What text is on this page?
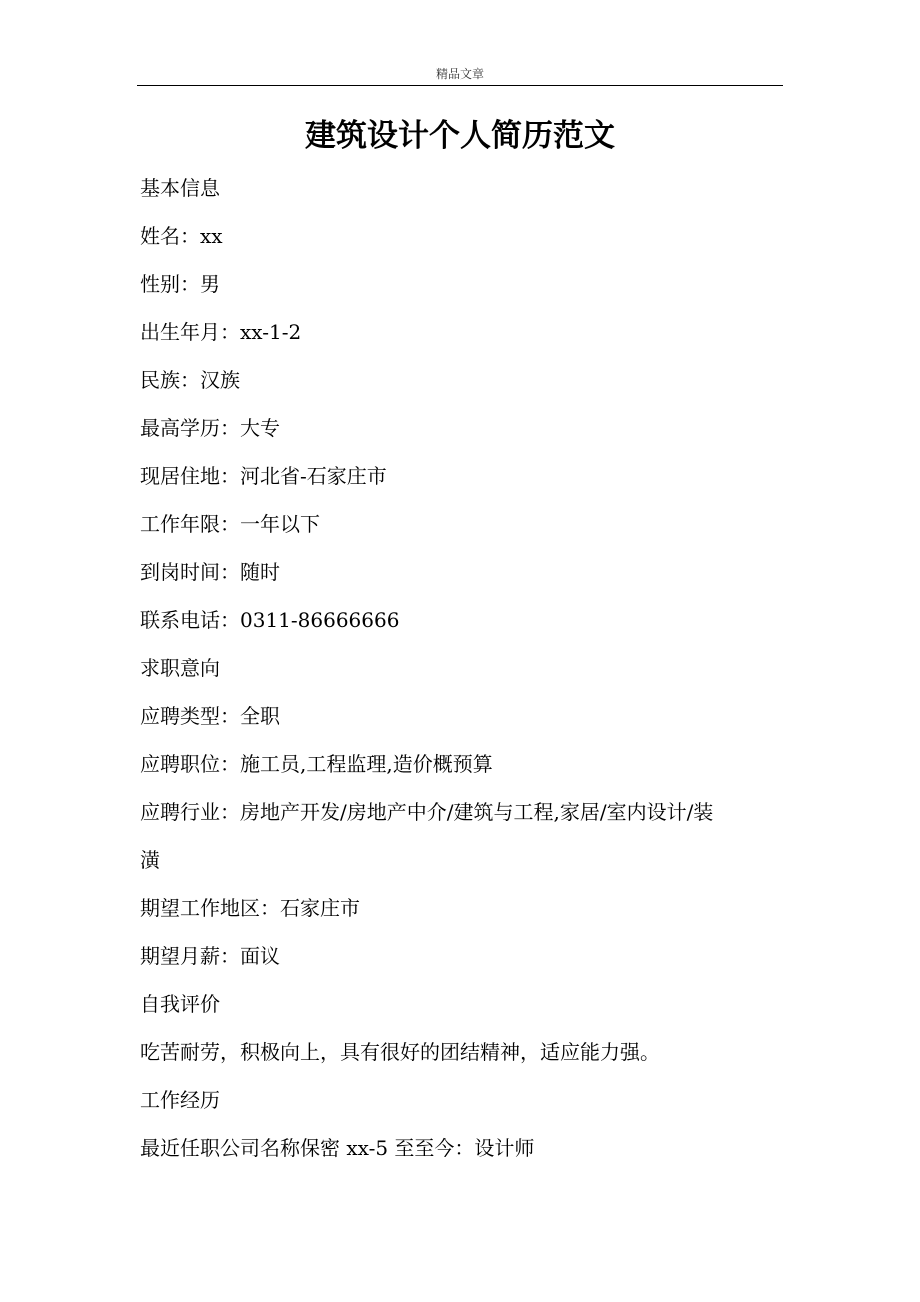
精品文章
建筑设计个人简历范文
基本信息
姓名：xx
性别：男
出生年月：xx-1-2
民族：汉族
最高学历：大专
现居住地：河北省-石家庄市
工作年限：一年以下
到岗时间：随时
联系电话：0311-86666666
求职意向
应聘类型：全职
应聘职位：施工员,工程监理,造价概预算
应聘行业：房地产开发/房地产中介/建筑与工程,家居/室内设计/装
潢
期望工作地区：石家庄市
期望月薪：面议
自我评价
吃苦耐劳，积极向上，具有很好的团结精神，适应能力强。
工作经历
最近任职公司名称保密 xx-5 至至今：设计师
